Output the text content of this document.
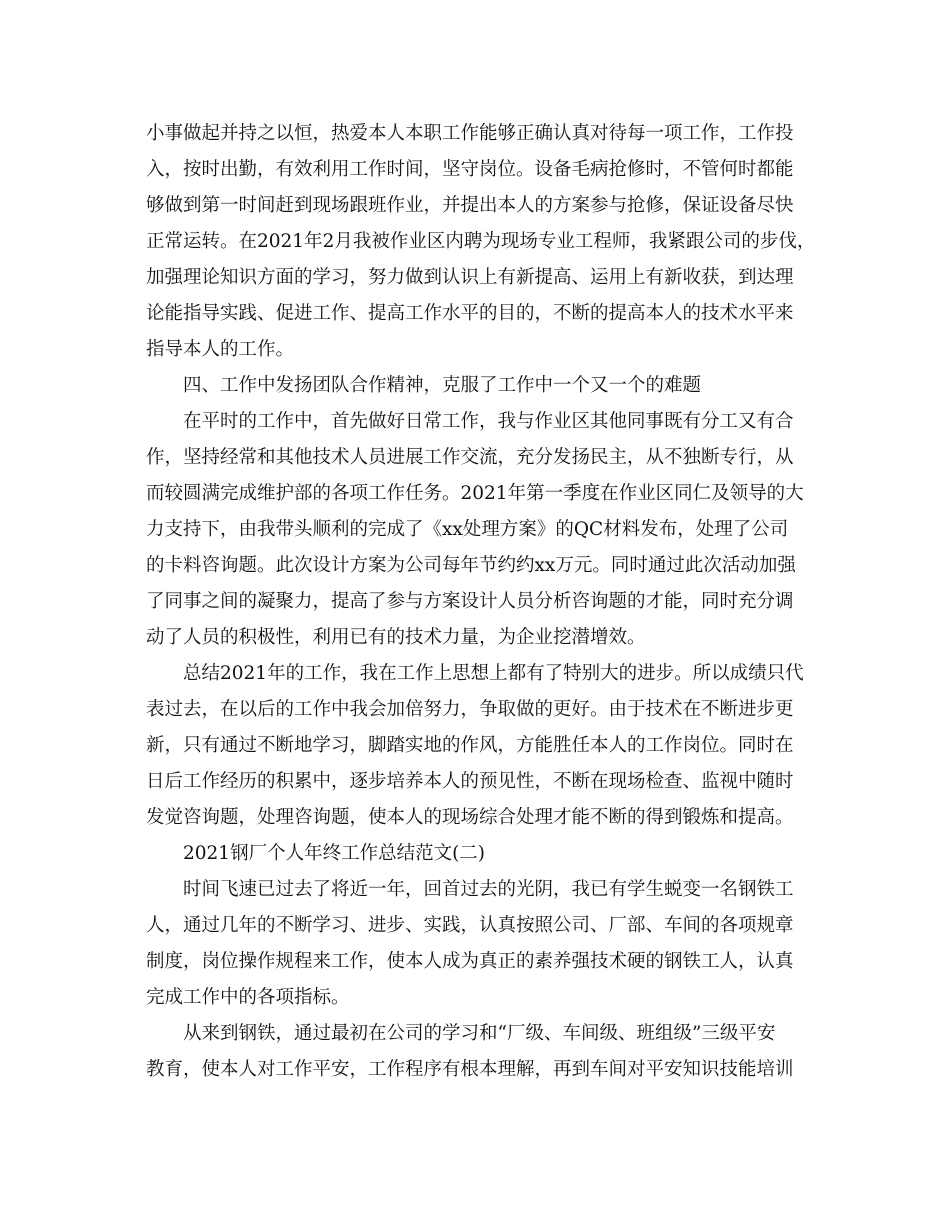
小事做起并持之以恒，热爱本人本职工作能够正确认真对待每一项工作，工作投
入，按时出勤，有效利用工作时间，坚守岗位。设备毛病抢修时，不管何时都能
够做到第一时间赶到现场跟班作业，并提出本人的方案参与抢修，保证设备尽快
正常运转。在2021年2月我被作业区内聘为现场专业工程师，我紧跟公司的步伐，
加强理论知识方面的学习，努力做到认识上有新提高、运用上有新收获，到达理
论能指导实践、促进工作、提高工作水平的目的，不断的提高本人的技术水平来
指导本人的工作。
四、工作中发扬团队合作精神，克服了工作中一个又一个的难题
在平时的工作中，首先做好日常工作，我与作业区其他同事既有分工又有合
作，坚持经常和其他技术人员进展工作交流，充分发扬民主，从不独断专行，从
而较圆满完成维护部的各项工作任务。2021年第一季度在作业区同仁及领导的大
力支持下，由我带头顺利的完成了《xx处理方案》的QC材料发布，处理了公司
的卡料咨询题。此次设计方案为公司每年节约约xx万元。同时通过此次活动加强
了同事之间的凝聚力，提高了参与方案设计人员分析咨询题的才能，同时充分调
动了人员的积极性，利用已有的技术力量，为企业挖潜增效。
总结2021年的工作，我在工作上思想上都有了特别大的进步。所以成绩只代
表过去，在以后的工作中我会加倍努力，争取做的更好。由于技术在不断进步更
新，只有通过不断地学习，脚踏实地的作风，方能胜任本人的工作岗位。同时在
日后工作经历的积累中，逐步培养本人的预见性，不断在现场检查、监视中随时
发觉咨询题，处理咨询题，使本人的现场综合处理才能不断的得到锻炼和提高。
2021钢厂个人年终工作总结范文(二)
时间飞速已过去了将近一年，回首过去的光阴，我已有学生蜕变一名钢铁工
人，通过几年的不断学习、进步、实践，认真按照公司、厂部、车间的各项规章
制度，岗位操作规程来工作，使本人成为真正的素养强技术硬的钢铁工人，认真
完成工作中的各项指标。
从来到钢铁，通过最初在公司的学习和“厂级、车间级、班组级”三级平安
教育，使本人对工作平安，工作程序有根本理解，再到车间对平安知识技能培训
